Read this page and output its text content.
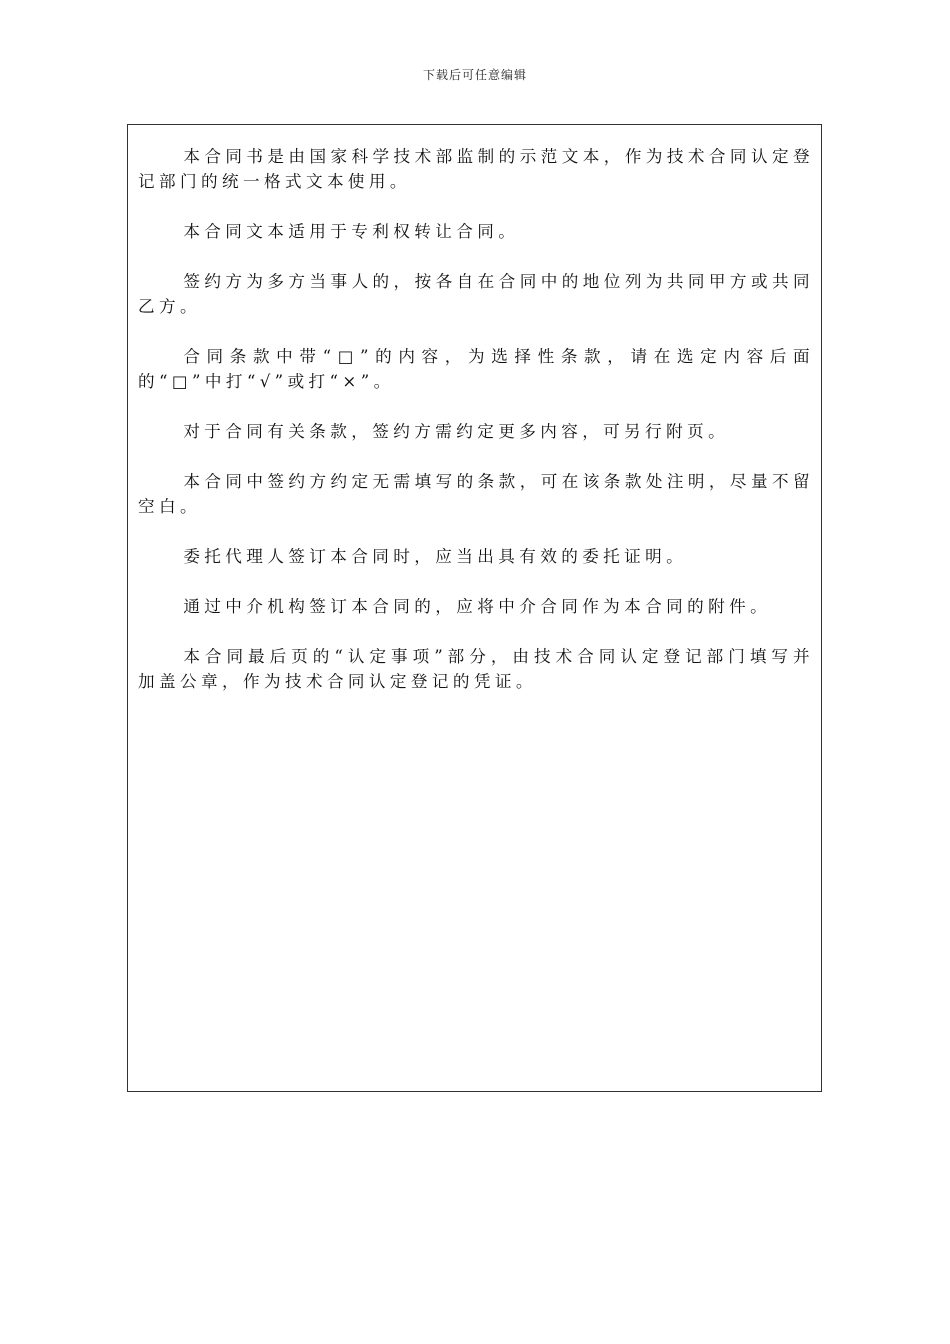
下载后可任意编辑

本合同书是由国家科学技术部监制的示范文本，作为技术合同认定登记部门的统一格式文本使用。

本合同文本适用于专利权转让合同。

签约方为多方当事人的，按各自在合同中的地位列为共同甲方或共同乙方。

合同条款中带“□”的内容，为选择性条款，请在选定内容后面的“□”中打“√”或打“×”。

对于合同有关条款，签约方需约定更多内容，可另行附页。

本合同中签约方约定无需填写的条款，可在该条款处注明，尽量不留空白。

委托代理人签订本合同时，应当出具有效的委托证明。

通过中介机构签订本合同的，应将中介合同作为本合同的附件。

本合同最后页的“认定事项”部分，由技术合同认定登记部门填写并加盖公章，作为技术合同认定登记的凭证。
